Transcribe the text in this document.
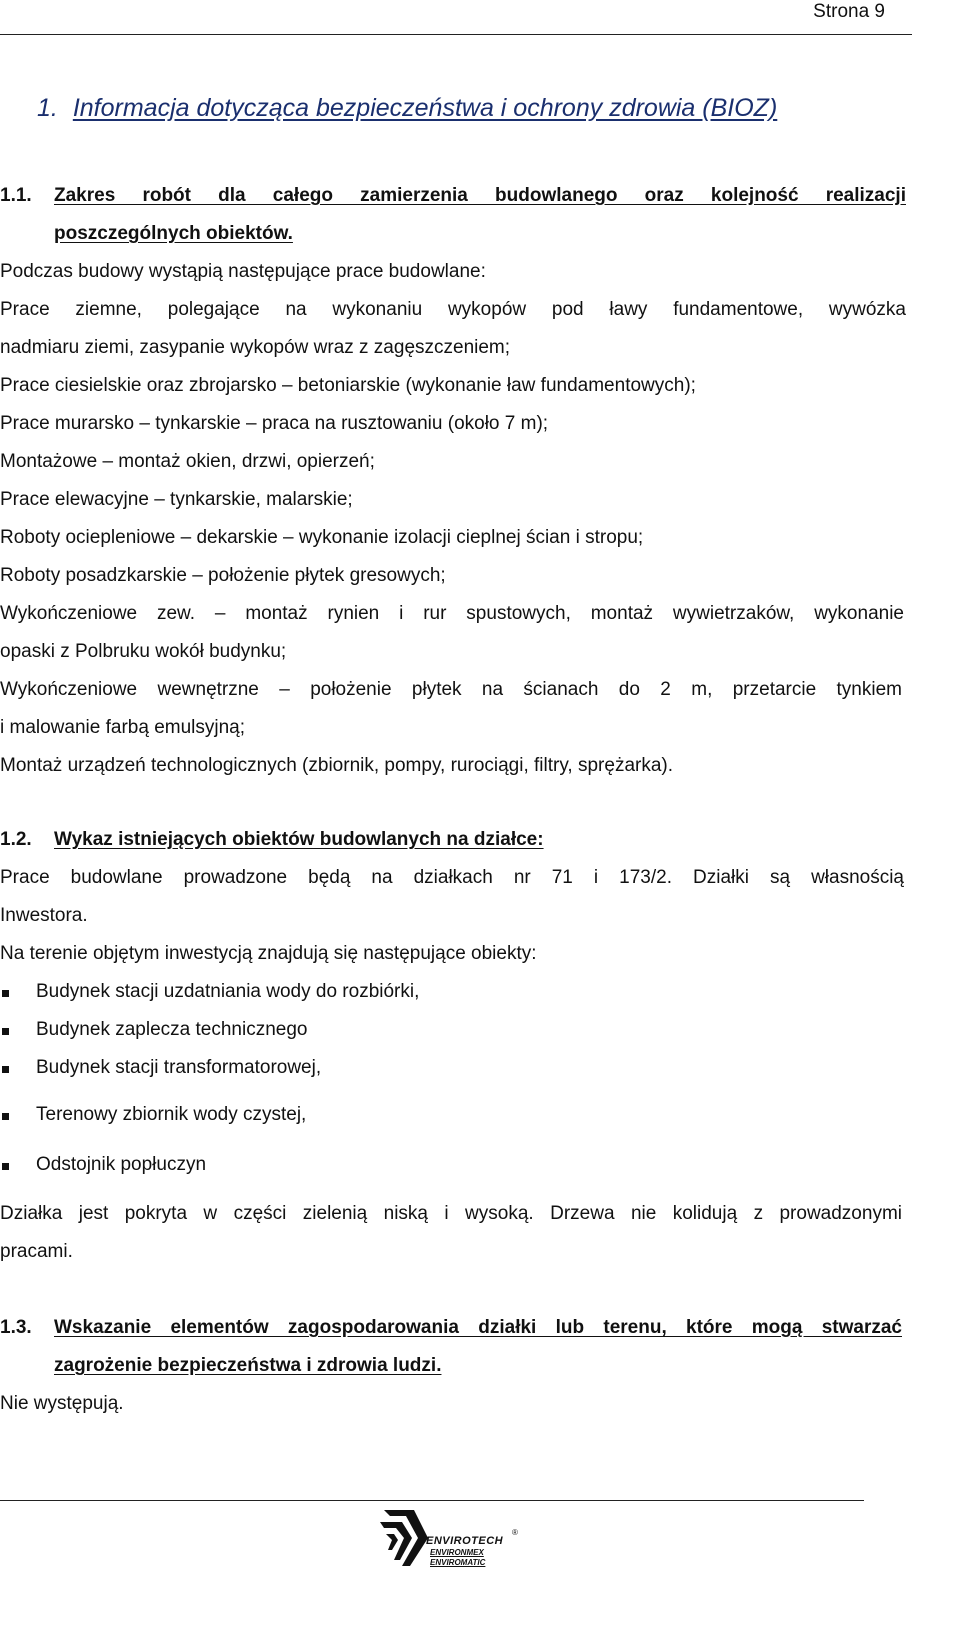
Strona 9
1. Informacja dotycząca bezpieczeństwa i ochrony zdrowia (BIOZ)
1.1. Zakres robót dla całego zamierzenia budowlanego oraz kolejność realizacji
poszczególnych obiektów.
Podczas budowy wystąpią następujące prace budowlane:
Prace ziemne, polegające na wykonaniu wykopów pod ławy fundamentowe, wywózka
nadmiaru ziemi, zasypanie wykopów wraz z zagęszczeniem;
Prace ciesielskie oraz zbrojarsko – betoniarskie (wykonanie ław fundamentowych);
Prace murarsko – tynkarskie – praca na rusztowaniu (około 7 m);
Montażowe – montaż okien, drzwi, opierzeń;
Prace elewacyjne – tynkarskie, malarskie;
Roboty ociepleniowe – dekarskie – wykonanie izolacji cieplnej ścian i stropu;
Roboty posadzkarskie – położenie płytek gresowych;
Wykończeniowe zew. – montaż rynien i rur spustowych, montaż wywietrzaków, wykonanie
opaski z Polbruku wokół budynku;
Wykończeniowe wewnętrzne – położenie płytek na ścianach do 2 m, przetarcie tynkiem
i malowanie farbą emulsyjną;
Montaż urządzeń technologicznych (zbiornik, pompy, rurociągi, filtry, sprężarka).
1.2. Wykaz istniejących obiektów budowlanych na działce:
Prace budowlane prowadzone będą na działkach nr 71 i 173/2. Działki są własnością
Inwestora.
Na terenie objętym inwestycją znajdują się następujące obiekty:
Budynek stacji uzdatniania wody do rozbiórki,
Budynek zaplecza technicznego
Budynek stacji transformatorowej,
Terenowy zbiornik wody czystej,
Odstojnik popłuczyn
Działka jest pokryta w części zielenią niską i wysoką. Drzewa nie kolidują z prowadzonymi
pracami.
1.3. Wskazanie elementów zagospodarowania działki lub terenu, które mogą stwarzać
zagrożenie bezpieczeństwa i zdrowia ludzi.
Nie występują.
ENVIROTECH
®
ENVIRONMEX
ENVIROMATIC
